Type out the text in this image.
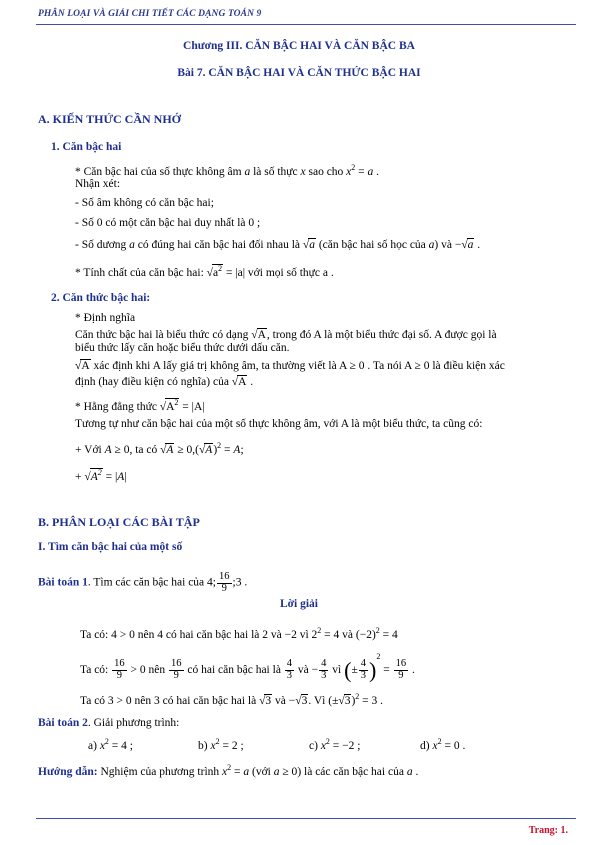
PHÂN LOẠI VÀ GIẢI CHI TIẾT CÁC DẠNG TOÁN 9
Chương III. CĂN BẬC HAI VÀ CĂN BẬC BA
Bài 7. CĂN BẬC HAI VÀ CĂN THỨC BẬC HAI
A. KIẾN THỨC CẦN NHỚ
1. Căn bậc hai
* Căn bậc hai của số thực không âm a là số thực x sao cho $x^2 = a$ .
Nhận xét:
- Số âm không có căn bậc hai;
- Số 0 có một căn bậc hai duy nhất là 0 ;
- Số dương a có đúng hai căn bậc hai đối nhau là √a (căn bậc hai số học của a) và −√a .
* Tính chất của căn bậc hai: $√a^2 = |a|$ với mọi số thực a .
2. Căn thức bậc hai:
* Định nghĩa
Căn thức bậc hai là biểu thức có dạng √A, trong đó A là một biểu thức đại số. A được gọi là
biểu thức lấy căn hoặc biểu thức dưới dấu căn.
√A xác định khi A lấy giá trị không âm, ta thường viết là A ≥ 0 . Ta nói A ≥ 0 là điều kiện xác
định (hay điều kiện có nghĩa) của √A .
* Hằng đẳng thức $√A^2 = |A|$
Tương tự như căn bậc hai của một số thực không âm, với A là một biểu thức, ta cũng có:
+ Với A ≥ 0, ta có $√A \ge 0,(√A)^2 = A$;
+ $√A^2 = |A|$
B. PHÂN LOẠI CÁC BÀI TẬP
I. Tìm căn bậc hai của một số
Bài toán 1. Tìm các căn bậc hai của 4; $\frac{16}{9}$ ;3 .
Lời giải
Ta có: 4 > 0 nên 4 có hai căn bậc hai là 2 và −2 vì $2^2 = 4$ và $(-2)^2 = 4$
Ta có: $\frac{16}{9} > 0$ nên $\frac{16}{9}$ có hai căn bậc hai là $\frac{4}{3}$ và − $\frac{4}{3}$ vì (± $\frac{4}{3} )^2 = \frac{16}{9}$ .
Ta có 3 > 0 nên 3 có hai căn bậc hai là √3 và −√3. Vì $(\pm√3)^2 = 3$ .
Bài toán 2. Giải phương trình:
a) $x^2 = 4$ ;	b) $x^2 = 2$ ;	c) $x^2 = -2$ ;	d) $x^2 = 0$ .
Hướng dẫn: Nghiệm của phương trình $x^2 = a$ (với a ≥ 0) là các căn bậc hai của a .
Trang: 1.
